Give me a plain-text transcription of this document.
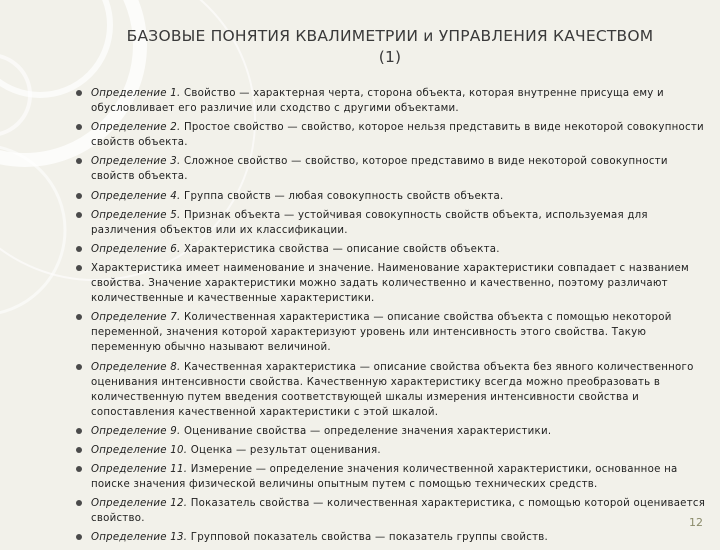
БАЗОВЫЕ ПОНЯТИЯ КВАЛИМЕТРИИ и УПРАВЛЕНИЯ КАЧЕСТВОМ (1)
Определение 1. Свойство — характерная черта, сторона объекта, которая внутренне присуща ему и обусловливает его различие или сходство с другими объектами.
Определение 2. Простое свойство — свойство, которое нельзя представить в виде некоторой совокупности свойств объекта.
Определение 3. Сложное свойство — свойство, которое представимо в виде некоторой совокупности свойств объекта.
Определение 4. Группа свойств — любая совокупность свойств объекта.
Определение 5. Признак объекта — устойчивая совокупность свойств объекта, используемая для различения объектов или их классификации.
Определение 6. Характеристика свойства — описание свойств объекта.
Характеристика имеет наименование и значение. Наименование характеристики совпадает с названием свойства. Значение характеристики можно задать количественно и качественно, поэтому различают количественные и качественные характеристики.
Определение 7. Количественная характеристика — описание свойства объекта с помощью некоторой переменной, значения которой характеризуют уровень или интенсивность этого свойства. Такую переменную обычно называют величиной.
Определение 8. Качественная характеристика — описание свойства объекта без явного количественного оценивания интенсивности свойства. Качественную характеристику всегда можно преобразовать в количественную путем введения соответствующей шкалы измерения интенсивности свойства и сопоставления качественной характеристики с этой шкалой.
Определение 9. Оценивание свойства — определение значения характеристики.
Определение 10. Оценка — результат оценивания.
Определение 11. Измерение — определение значения количественной характеристики, основанное на поиске значения физической величины опытным путем с помощью технических средств.
Определение 12. Показатель свойства — количественная характеристика, с помощью которой оценивается свойство.
Определение 13. Групповой показатель свойства — показатель группы свойств.
12
